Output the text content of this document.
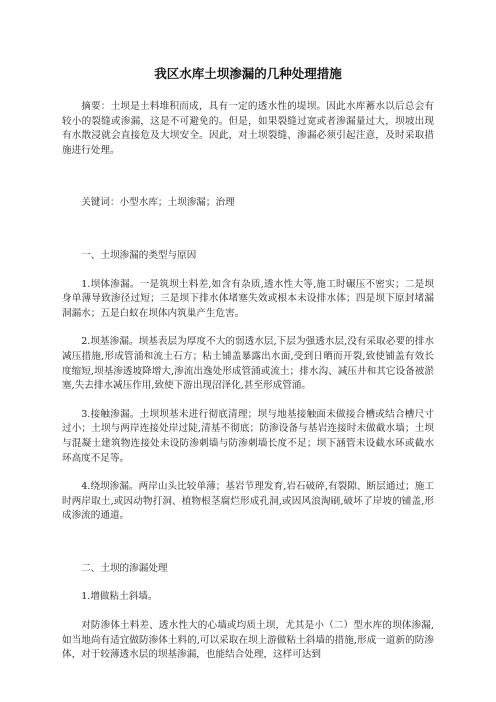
我区水库土坝渗漏的几种处理措施

摘要：土坝是土料堆积而成，具有一定的透水性的堤坝。因此水库蓄水以后总会有较小的裂缝或渗漏，这是不可避免的。但是，如果裂缝过宽或者渗漏量过大，坝坡出现有水散浸就会直接危及大坝安全。因此，对土坝裂缝、渗漏必须引起注意，及时采取措施进行处理。

关键词：小型水库；土坝渗漏；治理

一、土坝渗漏的类型与原因

1.坝体渗漏。一是筑坝土料差,如含有杂质,透水性大等,施工时碾压不密实；二是坝身单薄导致渗径过短；三是坝下排水体堵塞失效或根本未设排水体；四是坝下原封堵漏洞漏水；五是白蚁在坝体内筑巢产生危害。

2.坝基渗漏。坝基表层为厚度不大的弱透水层,下层为强透水层,没有采取必要的排水减压措施,形成管涌和流土石方；粘土铺盖暴露出水面,受到日晒而开裂,致使铺盖有效长度缩短,坝基渗透坡降增大,渗流出逸处形成管涌或流土；排水沟、减压井和其它设备被淤塞,失去排水减压作用,致使下游出现沼泽化,甚至形成管涌。

3.接触渗漏。土坝坝基未进行彻底清理；坝与地基接触面未做接合槽或结合槽尺寸过小；土坝与两岸连接处岸过陡,清基不彻底；防渗设备与基岩连接时未做截水墙；土坝与混凝土建筑物连接处未设防渗刺墙与防渗刺墙长度不足；坝下涵管未设截水环或截水环高度不足等。

4.绕坝渗漏。两岸山头比较单薄；基岩节理发育,岩石破碎,有裂隙、断层通过；施工时两岸取土,或因动物打洞、植物根茎腐烂形成孔洞,或因风浪淘刷,破坏了岸坡的铺盖,形成渗流的通道。

二、土坝的渗漏处理

1.增做粘土斜墙。

对防渗体土料差、透水性大的心墙或均质土坝，尤其是小（二）型水库的坝体渗漏,如当地尚有适宜做防渗体土料的,可以采取在坝上游做粘土斜墙的措施,形成一道新的防渗体，对于较薄透水层的坝基渗漏，也能结合处理，这样可达到
